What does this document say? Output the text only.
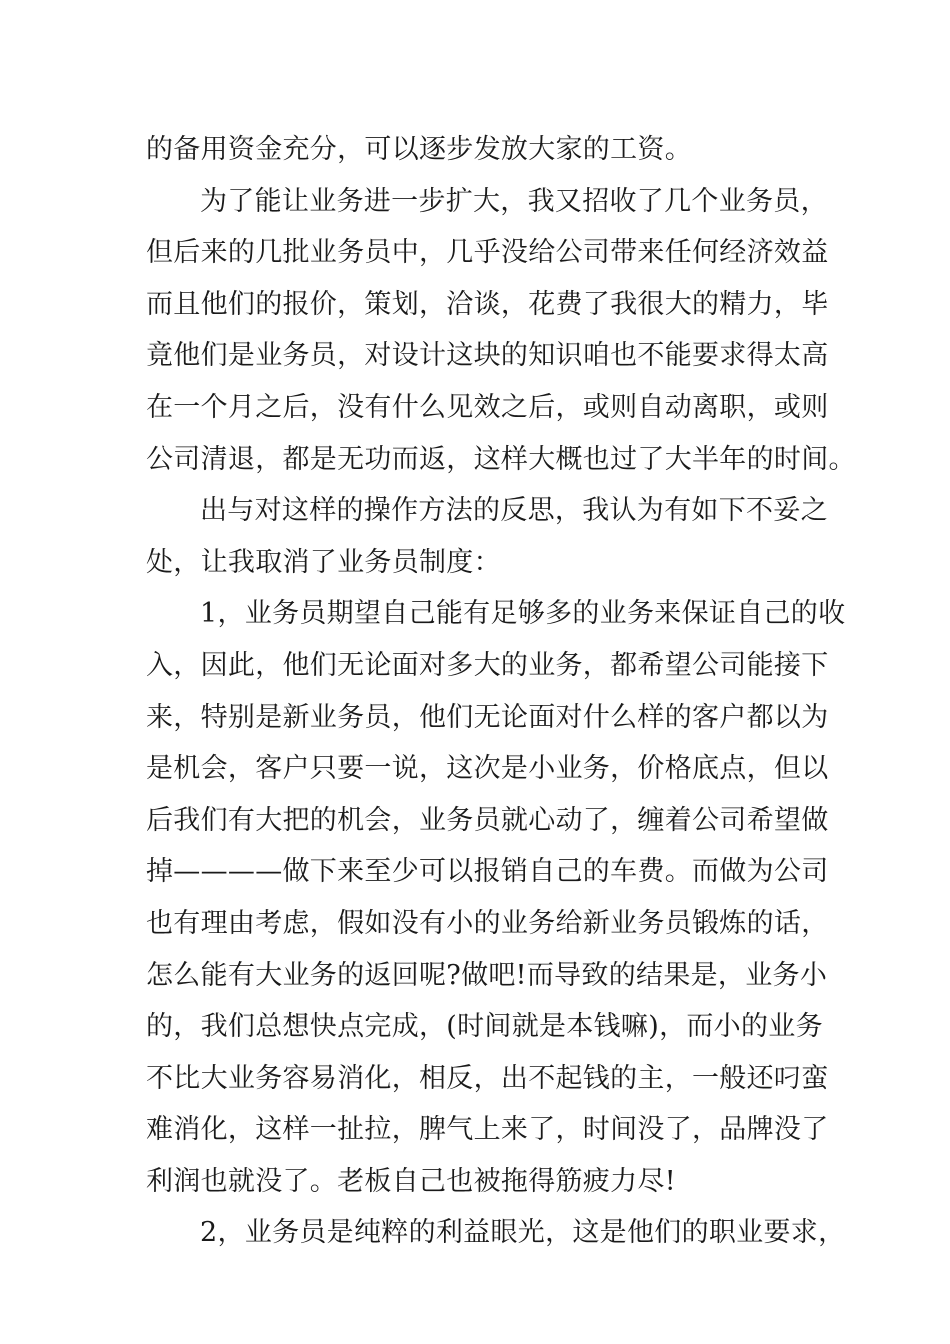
的备用资金充分，可以逐步发放大家的工资。
为了能让业务进一步扩大，我又招收了几个业务员，
但后来的几批业务员中，几乎没给公司带来任何经济效益
而且他们的报价，策划，洽谈，花费了我很大的精力，毕
竟他们是业务员，对设计这块的知识咱也不能要求得太高
在一个月之后，没有什么见效之后，或则自动离职，或则
公司清退，都是无功而返，这样大概也过了大半年的时间。
出与对这样的操作方法的反思，我认为有如下不妥之
处，让我取消了业务员制度：
1，业务员期望自己能有足够多的业务来保证自己的收
入，因此，他们无论面对多大的业务，都希望公司能接下
来，特别是新业务员，他们无论面对什么样的客户都以为
是机会，客户只要一说，这次是小业务，价格底点，但以
后我们有大把的机会，业务员就心动了，缠着公司希望做
掉————做下来至少可以报销自己的车费。而做为公司
也有理由考虑，假如没有小的业务给新业务员锻炼的话，
怎么能有大业务的返回呢?做吧!而导致的结果是，业务小
的，我们总想快点完成，(时间就是本钱嘛)，而小的业务
不比大业务容易消化，相反，出不起钱的主，一般还叼蛮
难消化，这样一扯拉，脾气上来了，时间没了，品牌没了
利润也就没了。老板自己也被拖得筋疲力尽!
2，业务员是纯粹的利益眼光，这是他们的职业要求，
